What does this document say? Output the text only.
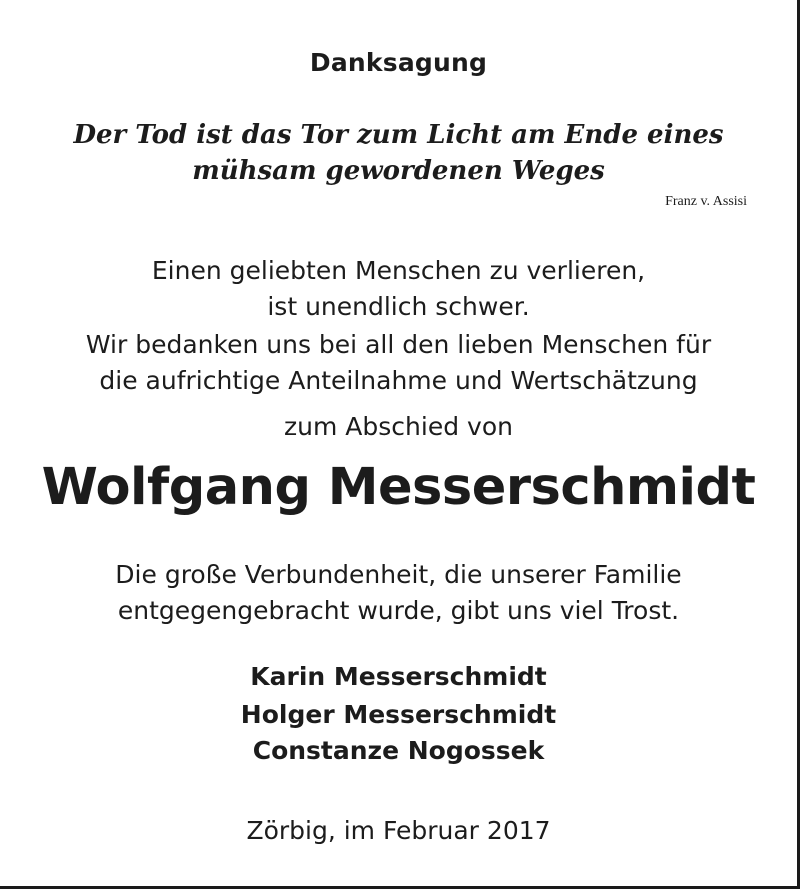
Danksagung

Der Tod ist das Tor zum Licht am Ende eines

mühsam gewordenen Weges

Franz v. Assisi

Einen geliebten Menschen zu verlieren,

ist unendlich schwer.

Wir bedanken uns bei all den lieben Menschen für

die aufrichtige Anteilnahme und Wertschätzung

zum Abschied von

Wolfgang Messerschmidt

Die große Verbundenheit, die unserer Familie

entgegengebracht wurde, gibt uns viel Trost.

Karin Messerschmidt

Holger Messerschmidt

Constanze Nogossek

Zörbig, im Februar 2017
